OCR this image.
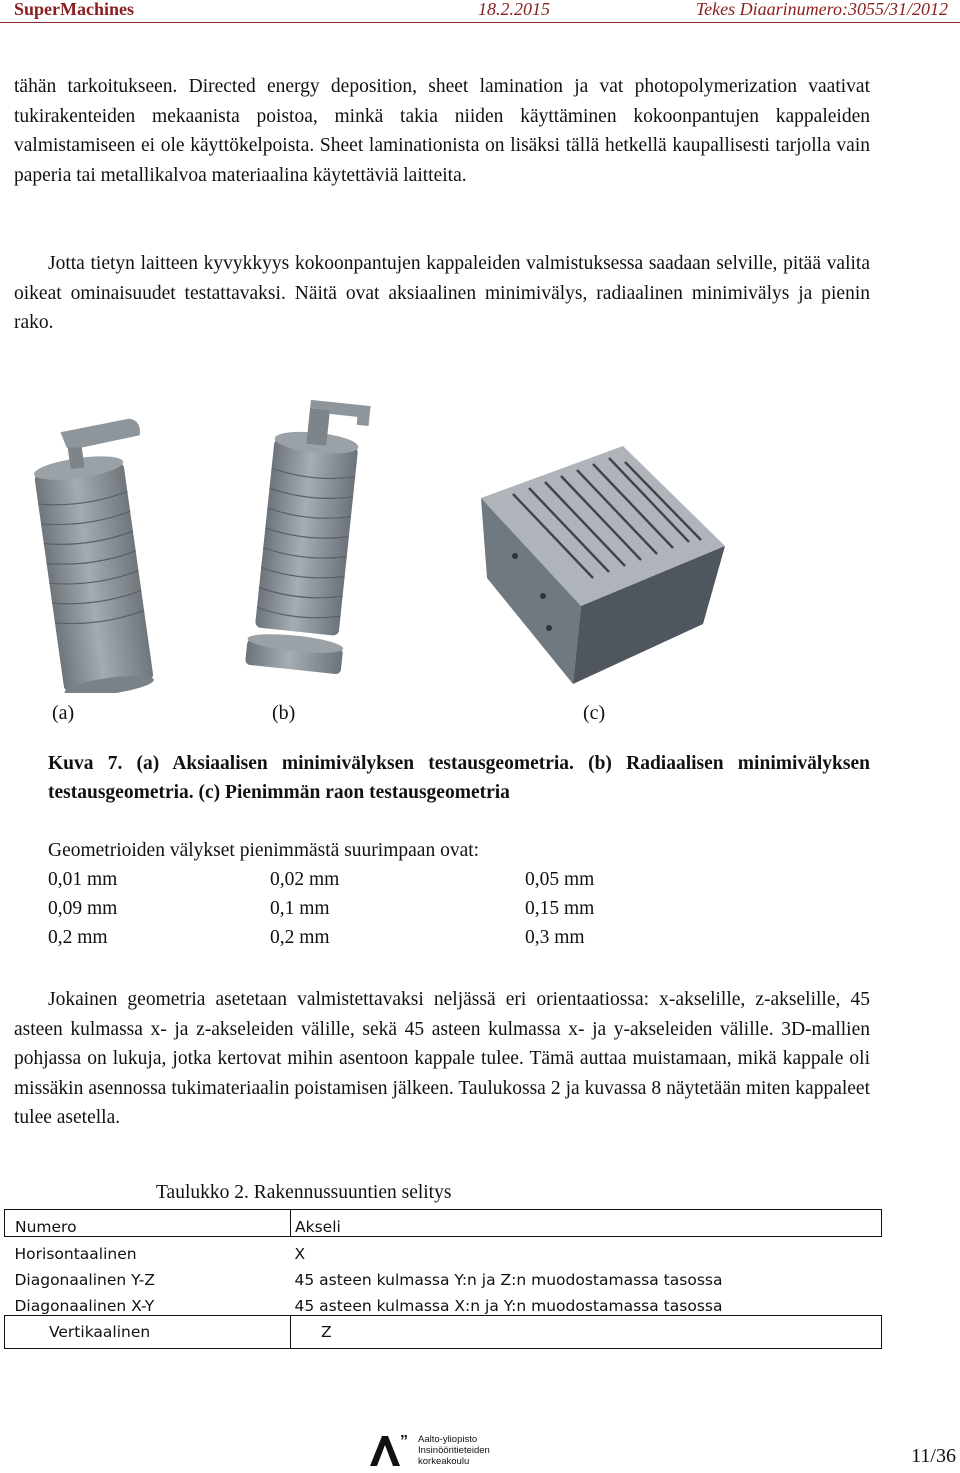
SuperMachines	18.2.2015	Tekes Diaarinumero:3055/31/2012

tähän tarkoitukseen. Directed energy deposition, sheet lamination ja vat photopolymerization vaativat tukirakenteiden mekaanista poistoa, minkä takia niiden käyttäminen kokoonpantujen kappaleiden valmistamiseen ei ole käyttökelpoista. Sheet laminationista on lisäksi tällä hetkellä kaupallisesti tarjolla vain paperia tai metallikalvoa materiaalina käytettäviä laitteita.

Jotta tietyn laitteen kyvykkyys kokoonpantujen kappaleiden valmistuksessa saadaan selville, pitää valita oikeat ominaisuudet testattavaksi. Näitä ovat aksiaalinen minimivälys, radiaalinen minimivälys ja pienin rako.

(a)	(b)	(c)

Kuva 7. (a) Aksiaalisen minimivälyksen testausgeometria. (b) Radiaalisen minimivälyksen testausgeometria. (c) Pienimmän raon testausgeometria

Geometrioiden välykset pienimmästä suurimpaan ovat:
0,01 mm	0,02 mm	0,05 mm
0,09 mm	0,1 mm	0,15 mm
0,2 mm	0,2 mm	0,3 mm

Jokainen geometria asetetaan valmistettavaksi neljässä eri orientaatiossa: x-akselille, z-akselille, 45 asteen kulmassa x- ja z-akseleiden välille, sekä 45 asteen kulmassa x- ja y-akseleiden välille. 3D-mallien pohjassa on lukuja, jotka kertovat mihin asentoon kappale tulee. Tämä auttaa muistamaan, mikä kappale oli missäkin asennossa tukimateriaalin poistamisen jälkeen. Taulukossa 2 ja kuvassa 8 näytetään miten kappaleet tulee asetella.

Taulukko 2. Rakennussuuntien selitys
Numero	Akseli
Horisontaalinen	X
Diagonaalinen Y-Z	45 asteen kulmassa Y:n ja Z:n muodostamassa tasossa
Diagonaalinen X-Y	45 asteen kulmassa X:n ja Y:n muodostamassa tasossa
Vertikaalinen	Z
” Aalto-yliopisto
Insinööritieteiden
korkeakoulu	11/36
